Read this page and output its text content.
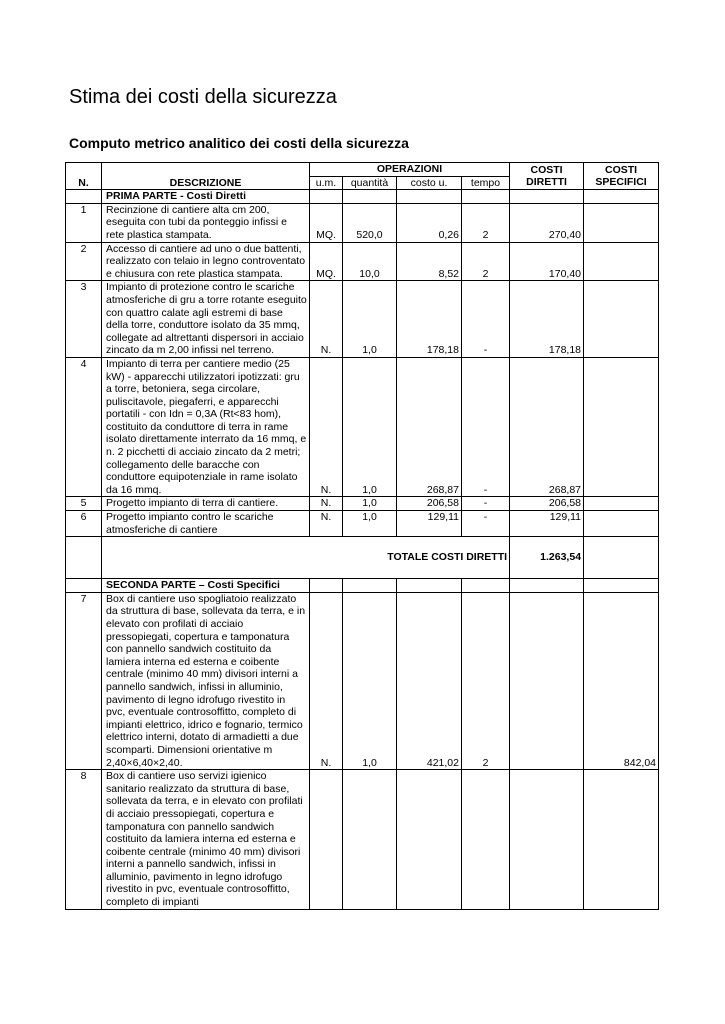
Stima dei costi della sicurezza
Computo metrico analitico dei costi della sicurezza
N.	DESCRIZIONE	OPERAZIONI				COSTI DIRETTI	COSTI SPECIFICI
		u.m.	quantità	costo u.	tempo		
	PRIMA PARTE - Costi Diretti						
1	Recinzione di cantiere alta cm 200, eseguita con tubi da ponteggio infissi e rete plastica stampata.	MQ.	520,0	0,26	2	270,40	
2	Accesso di cantiere ad uno o due battenti, realizzato con telaio in legno controventato e chiusura con rete plastica stampata.	MQ.	10,0	8,52	2	170,40	
3	Impianto di protezione contro le scariche atmosferiche di gru a torre rotante eseguito con quattro calate agli estremi di base della torre, conduttore isolato da 35 mmq, collegate ad altrettanti dispersori in acciaio zincato da m 2,00 infissi nel terreno.	N.	1,0	178,18	-	178,18	
4	Impianto di terra per cantiere medio (25 kW) - apparecchi utilizzatori ipotizzati: gru a torre, betoniera, sega circolare, puliscitavole, piegaferri, e apparecchi portatili - con Idn = 0,3A (Rt<83 hom), costituito da conduttore di terra in rame isolato direttamente interrato da 16 mmq, e n. 2 picchetti di acciaio zincato da 2 metri; collegamento delle baracche con conduttore equipotenziale in rame isolato da 16 mmq.	N.	1,0	268,87	-	268,87	
5	Progetto impianto di terra di cantiere.	N.	1,0	206,58	-	206,58	
6	Progetto impianto contro le scariche atmosferiche di cantiere	N.	1,0	129,11	-	129,11	
	TOTALE COSTI DIRETTI					1.263,54	
	SECONDA PARTE – Costi Specifici						
7	Box di cantiere uso spogliatoio realizzato da struttura di base, sollevata da terra, e in elevato con profilati di acciaio pressopiegati, copertura e tamponatura con pannello sandwich costituito da lamiera interna ed esterna e coibente centrale (minimo 40 mm) divisori interni a pannello sandwich, infissi in alluminio, pavimento di legno idrofugo rivestito in pvc, eventuale controsoffitto, completo di impianti elettrico, idrico e fognario, termico elettrico interni, dotato di armadietti a due scomparti. Dimensioni orientative m 2,40×6,40×2,40.	N.	1,0	421,02	2		842,04
8	Box di cantiere uso servizi igienico sanitario realizzato da struttura di base, sollevata da terra, e in elevato con profilati di acciaio pressopiegati, copertura e tamponatura con pannello sandwich costituito da lamiera interna ed esterna e coibente centrale (minimo 40 mm) divisori interni a pannello sandwich, infissi in alluminio, pavimento in legno idrofugo rivestito in pvc, eventuale controsoffitto, completo di impianti						
